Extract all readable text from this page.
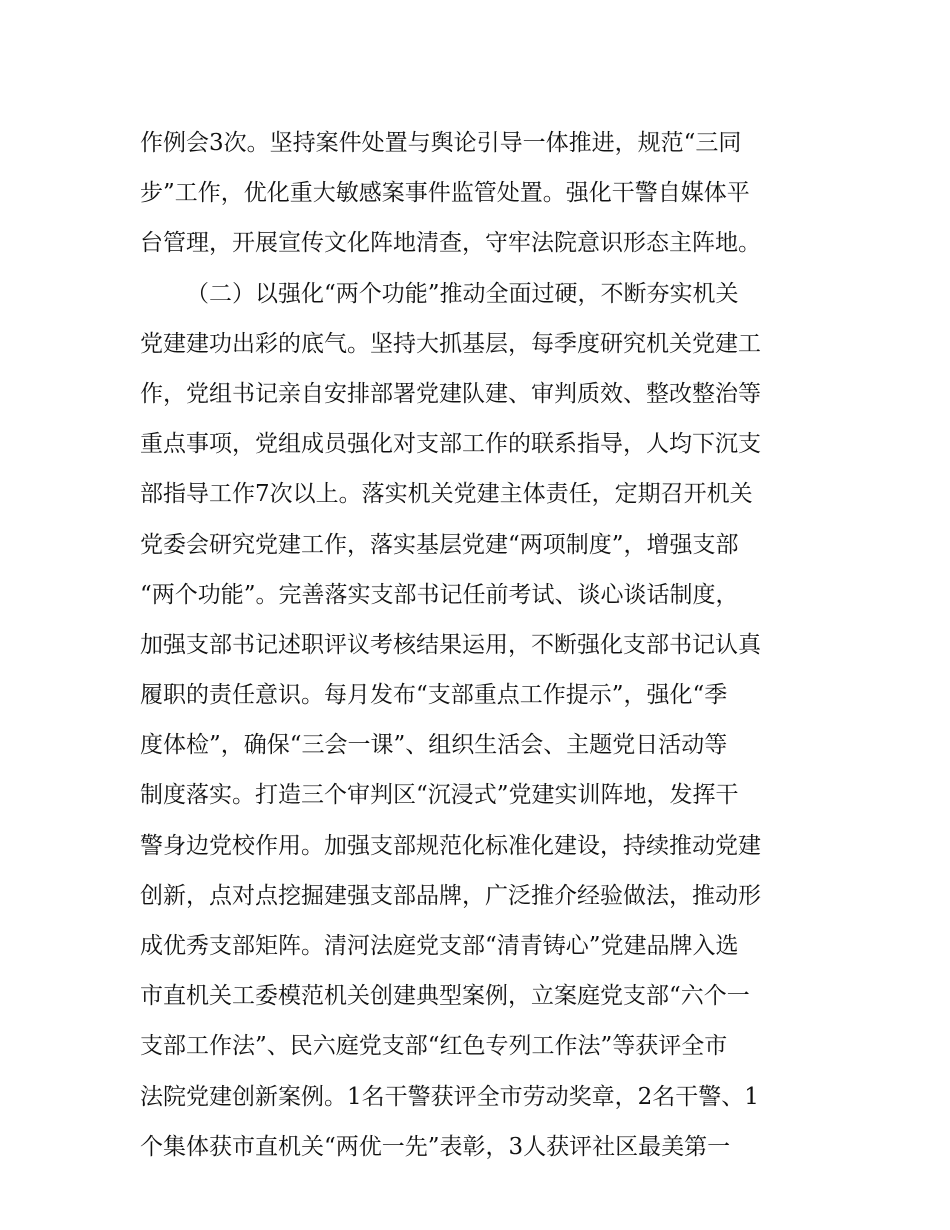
作例会3次。坚持案件处置与舆论引导一体推进，规范“三同
步”工作，优化重大敏感案事件监管处置。强化干警自媒体平
台管理，开展宣传文化阵地清查，守牢法院意识形态主阵地。
（二）以强化“两个功能”推动全面过硬，不断夯实机关
党建建功出彩的底气。坚持大抓基层，每季度研究机关党建工
作，党组书记亲自安排部署党建队建、审判质效、整改整治等
重点事项，党组成员强化对支部工作的联系指导，人均下沉支
部指导工作7次以上。落实机关党建主体责任，定期召开机关
党委会研究党建工作，落实基层党建“两项制度”，增强支部
“两个功能”。完善落实支部书记任前考试、谈心谈话制度，
加强支部书记述职评议考核结果运用，不断强化支部书记认真
履职的责任意识。每月发布“支部重点工作提示”，强化“季
度体检”，确保“三会一课”、组织生活会、主题党日活动等
制度落实。打造三个审判区“沉浸式”党建实训阵地，发挥干
警身边党校作用。加强支部规范化标准化建设，持续推动党建
创新，点对点挖掘建强支部品牌，广泛推介经验做法，推动形
成优秀支部矩阵。清河法庭党支部“清青铸心”党建品牌入选
市直机关工委模范机关创建典型案例，立案庭党支部“六个一
支部工作法”、民六庭党支部“红色专列工作法”等获评全市
法院党建创新案例。1名干警获评全市劳动奖章，2名干警、1
个集体获市直机关“两优一先”表彰，3人获评社区最美第一
